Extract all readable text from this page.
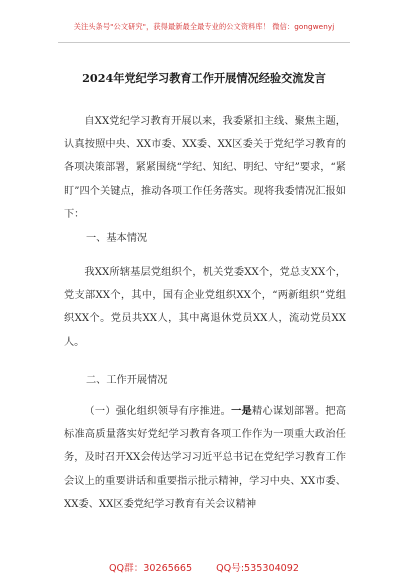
关注头条号"公文研究"，获得最新最全最专业的公文资料库！ 微信：gongwenyj
2024年党纪学习教育工作开展情况经验交流发言

自XX党纪学习教育开展以来，我委紧扣主线、聚焦主题，认真按照中央、XX市委、XX委、XX区委关于党纪学习教育的各项决策部署，紧紧围绕“学纪、知纪、明纪、守纪”要求，“紧盯”四个关键点，推动各项工作任务落实。现将我委情况汇报如下：

一、基本情况

我XX所辖基层党组织个，机关党委XX个，党总支XX个，党支部XX个，其中，国有企业党组织XX个，“两新组织”党组织XX个。党员共XX人，其中离退休党员XX人，流动党员XX人。

二、工作开展情况

（一）强化组织领导有序推进。一是精心谋划部署。把高标准高质量落实好党纪学习教育各项工作作为一项重大政治任务，及时召开XX会传达学习习近平总书记在党纪学习教育工作会议上的重要讲话和重要指示批示精神，学习中央、XX市委、XX委、XX区委党纪学习教育有关会议精神

QQ群：30265665	QQ号:535304092
